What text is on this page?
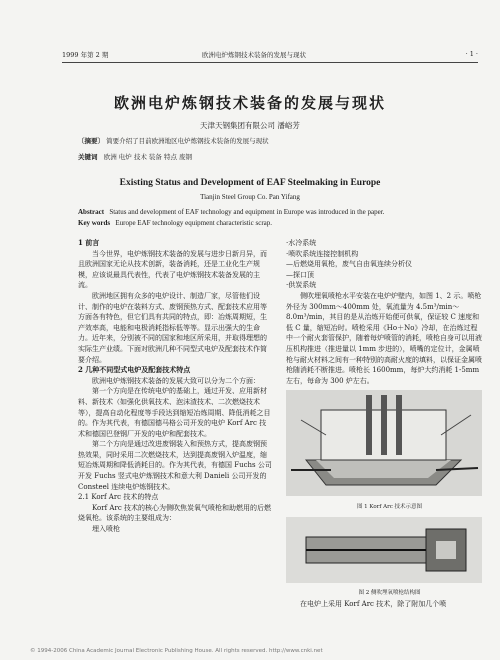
1999 年第 2 期	欧洲电炉炼钢技术装备的发展与现状	· 1 ·
欧洲电炉炼钢技术装备的发展与现状
天津天钢集团有限公司 潘峪芳
〔摘要〕 简要介绍了目前欧洲地区电炉炼钢技术装备的发展与现状
关键词 欧洲 电炉 技术 装备 特点 废钢
Existing Status and Development of EAF Steelmaking in Europe
Tianjin Steel Group Co. Pan Yifang
Abstract Status and development of EAF technology and equipment in Europe was introduced in the paper.
Key words Europe EAF technology equipment characteristic scrap.

1 前言

当今世界，电炉炼钢技术装备的发展与进步日新月异，而且欧洲国家无论从技术创新，装备消耗，还是工业化生产规模，应该说最具代表性，代表了电炉炼钢技术装备发展的主流。

欧洲地区拥有众多的电炉设计、制造厂家，尽管他们设计、制作的电炉在装料方式、废钢预热方式、配套技术应用等方面各有特色，但它们具有共同的特点，即：冶炼周期短，生产效率高，电能和电极消耗指标低等等。显示出强大的生命力。近年来，分别被不同的国家和地区所采用，并取得理想的实际生产业绩。下面对欧洲几种不同型式电炉及配套技术作简要介绍。

2 几种不同型式电炉及配套技术特点

欧洲电炉炼钢技术装备的发展大致可以分为二个方面：

第一个方向是在传统电炉的基础上，通过开发、应用新材料、新技术（如强化供氧技术、泡沫渣技术、二次燃烧技术等），提高自动化程度等手段达到缩短冶炼周期、降低消耗之目的。作为其代表，有德国德马格公司开发的电炉 Korf Arc 技术和德国巴登钢厂开发的电炉和配套技术。

第二个方向是通过改进废钢装入和预热方式，提高废钢预热效果，同时采用二次燃烧技术，达到提高废钢入炉温度，缩短冶炼周期和降低消耗目的。作为其代表，有德国 Fuchs 公司开发 Fuchs 竖式电炉炼钢技术和意大利 Danieli 公司开发的 Consteel 连续电炉炼钢技术。

2.1 Korf Arc 技术的特点

Korf Arc 技术的核心为侧吹焦炭氧气喷枪和助燃用的后燃烧氧枪。该系统的主要组成为：

埋入喷枪

·水冷系统

·喷吹系统连接控制机构

—后燃烧用氧枪，废气自由氧连续分析仪

—探口顶

·供炭系统

侧吹埋氧喷枪水平安装在电炉炉壁内，如图 1、2 示。喷枪外径为 300mm～400mm 处，氧流量为 4.5m³/min～8.0m³/min，其目的是从治炼开始便可供氧，保证较 C 速度和低 C 量，缩短冶时。喷枪采用《Ho＋No》冷却，在治炼过程中一个耐火套管保护，随着每炉喷管的消耗，喷枪自身可以用液压机构推进（推进量以 1mm 步进的），喷嘴的定位计，金属喷枪与耐火材料之间有一种特别的高耐火度的填料，以保证金属喷枪随消耗不断推进。喷枪长 1600mm，每炉大约消耗 1-5mm 左右，每命为 300 炉左右。

图 1 Korf Arc 技术示意图

图 2 侧吹埋氧喷枪结构图

在电炉上采用 Korf Arc 技术，除了附加几个喷

© 1994-2006 China Academic Journal Electronic Publishing House. All rights reserved. http://www.cnki.net
